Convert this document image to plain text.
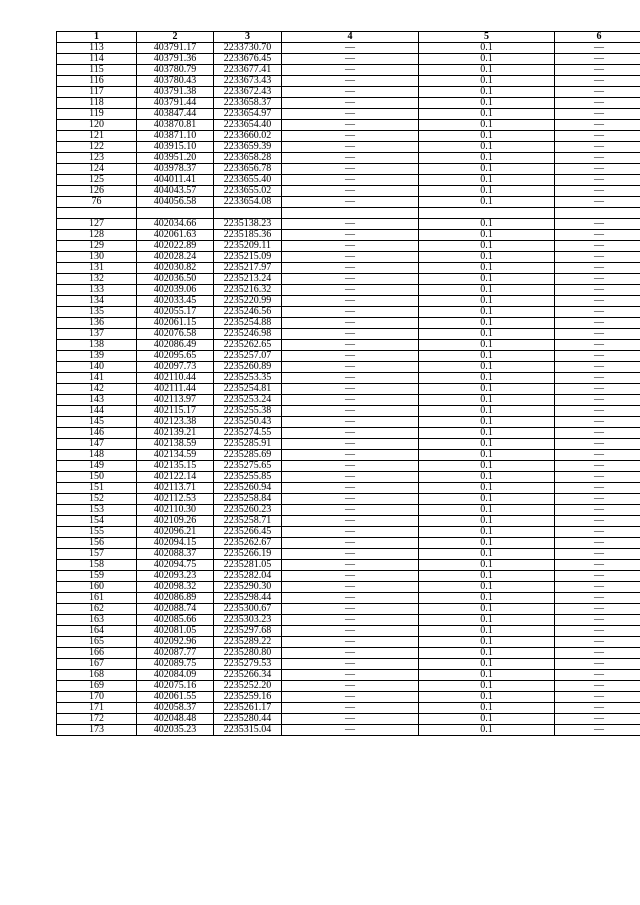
1	2	3	4	5	6
113	403791.17	2233730.70	—	0.1	—
114	403791.36	2233676.45	—	0.1	—
115	403780.79	2233677.41	—	0.1	—
116	403780.43	2233673.43	—	0.1	—
117	403791.38	2233672.43	—	0.1	—
118	403791.44	2233658.37	—	0.1	—
119	403847.44	2233654.97	—	0.1	—
120	403870.81	2233654.40	—	0.1	—
121	403871.10	2233660.02	—	0.1	—
122	403915.10	2233659.39	—	0.1	—
123	403951.20	2233658.28	—	0.1	—
124	403978.37	2233656.78	—	0.1	—
125	404011.41	2233655.40	—	0.1	—
126	404043.57	2233655.02	—	0.1	—
76	404056.58	2233654.08	—	0.1	—

127	402034.66	2235138.23	—	0.1	—
128	402061.63	2235185.36	—	0.1	—
129	402022.89	2235209.11	—	0.1	—
130	402028.24	2235215.09	—	0.1	—
131	402030.82	2235217.97	—	0.1	—
132	402036.50	2235213.24	—	0.1	—
133	402039.06	2235216.32	—	0.1	—
134	402033.45	2235220.99	—	0.1	—
135	402055.17	2235246.56	—	0.1	—
136	402061.15	2235254.88	—	0.1	—
137	402076.58	2235246.98	—	0.1	—
138	402086.49	2235262.65	—	0.1	—
139	402095.65	2235257.07	—	0.1	—
140	402097.73	2235260.89	—	0.1	—
141	402110.44	2235253.35	—	0.1	—
142	402111.44	2235254.81	—	0.1	—
143	402113.97	2235253.24	—	0.1	—
144	402115.17	2235255.38	—	0.1	—
145	402123.38	2235250.43	—	0.1	—
146	402139.21	2235274.55	—	0.1	—
147	402138.59	2235285.91	—	0.1	—
148	402134.59	2235285.69	—	0.1	—
149	402135.15	2235275.65	—	0.1	—
150	402122.14	2235255.85	—	0.1	—
151	402113.71	2235260.94	—	0.1	—
152	402112.53	2235258.84	—	0.1	—
153	402110.30	2235260.23	—	0.1	—
154	402109.26	2235258.71	—	0.1	—
155	402096.21	2235266.45	—	0.1	—
156	402094.15	2235262.67	—	0.1	—
157	402088.37	2235266.19	—	0.1	—
158	402094.75	2235281.05	—	0.1	—
159	402093.23	2235282.04	—	0.1	—
160	402098.32	2235290.30	—	0.1	—
161	402086.89	2235298.44	—	0.1	—
162	402088.74	2235300.67	—	0.1	—
163	402085.66	2235303.23	—	0.1	—
164	402081.05	2235297.68	—	0.1	—
165	402092.96	2235289.22	—	0.1	—
166	402087.77	2235280.80	—	0.1	—
167	402089.75	2235279.53	—	0.1	—
168	402084.09	2235266.34	—	0.1	—
169	402075.16	2235252.20	—	0.1	—
170	402061.55	2235259.16	—	0.1	—
171	402058.37	2235261.17	—	0.1	—
172	402048.48	2235280.44	—	0.1	—
173	402035.23	2235315.04	—	0.1	—
